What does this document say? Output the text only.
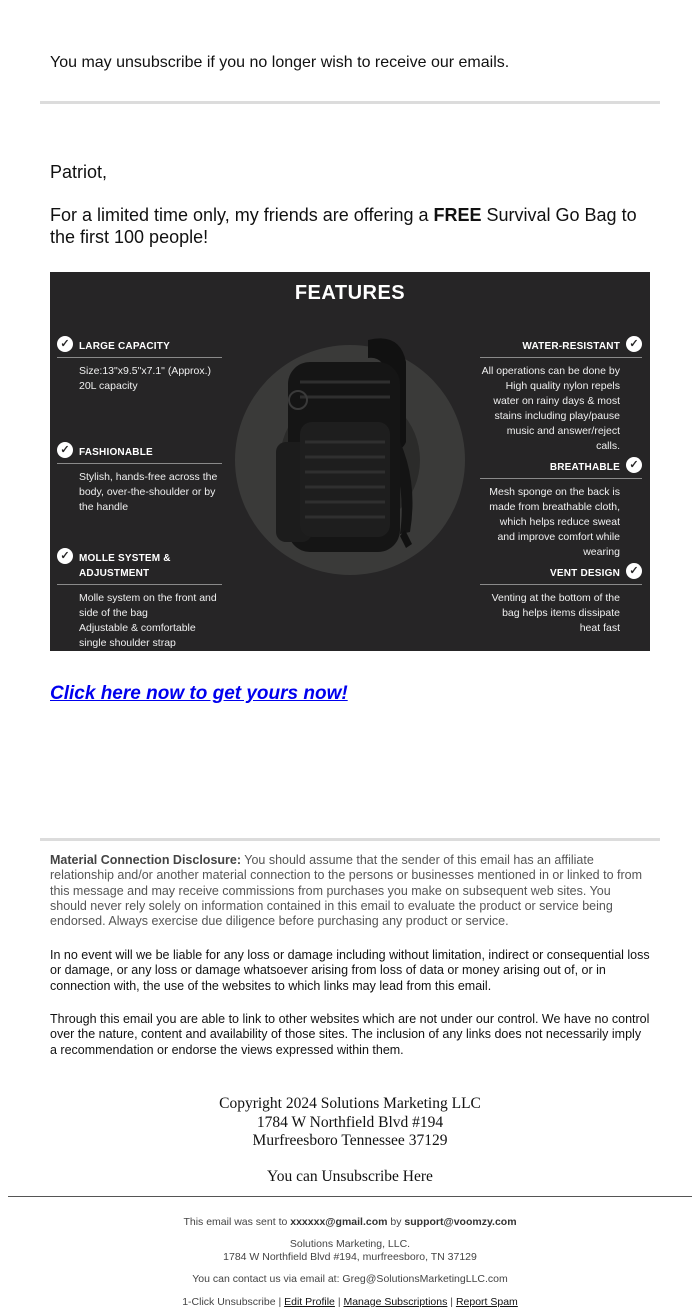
You may unsubscribe if you no longer wish to receive our emails.
Patriot,
For a limited time only, my friends are offering a FREE Survival Go Bag to the first 100 people!
FEATURES
✓ LARGE CAPACITY
Size:13"x9.5"x7.1" (Approx.)
20L capacity
✓ FASHIONABLE
Stylish, hands-free across the body, over-the-shoulder or by the handle
✓ MOLLE SYSTEM & ADJUSTMENT
Molle system on the front and side of the bag
Adjustable & comfortable single shoulder strap
✓
WATER-RESISTANT
All operations can be done by High quality nylon repels water on rainy days & most stains including play/pause music and answer/reject calls.
✓
BREATHABLE
Mesh sponge on the back is made from breathable cloth, which helps reduce sweat and improve comfort while wearing
✓
VENT DESIGN
Venting at the bottom of the bag helps items dissipate heat fast
Click here now to get yours now!
Material Connection Disclosure: You should assume that the sender of this email has an affiliate relationship and/or another material connection to the persons or businesses mentioned in or linked to from this message and may receive commissions from purchases you make on subsequent web sites. You should never rely solely on information contained in this email to evaluate the product or service being endorsed. Always exercise due diligence before purchasing any product or service.
In no event will we be liable for any loss or damage including without limitation, indirect or consequential loss or damage, or any loss or damage whatsoever arising from loss of data or money arising out of, or in connection with, the use of the websites to which links may lead from this email.
Through this email you are able to link to other websites which are not under our control. We have no control over the nature, content and availability of those sites. The inclusion of any links does not necessarily imply a recommendation or endorse the views expressed within them.
Copyright 2024 Solutions Marketing LLC
1784 W Northfield Blvd #194
Murfreesboro Tennessee 37129
You can Unsubscribe Here
This email was sent to xxxxxx@gmail.com by support@voomzy.com
Solutions Marketing, LLC.
1784 W Northfield Blvd #194, murfreesboro, TN 37129
You can contact us via email at: Greg@SolutionsMarketingLLC.com
1-Click Unsubscribe | Edit Profile | Manage Subscriptions | Report Spam
